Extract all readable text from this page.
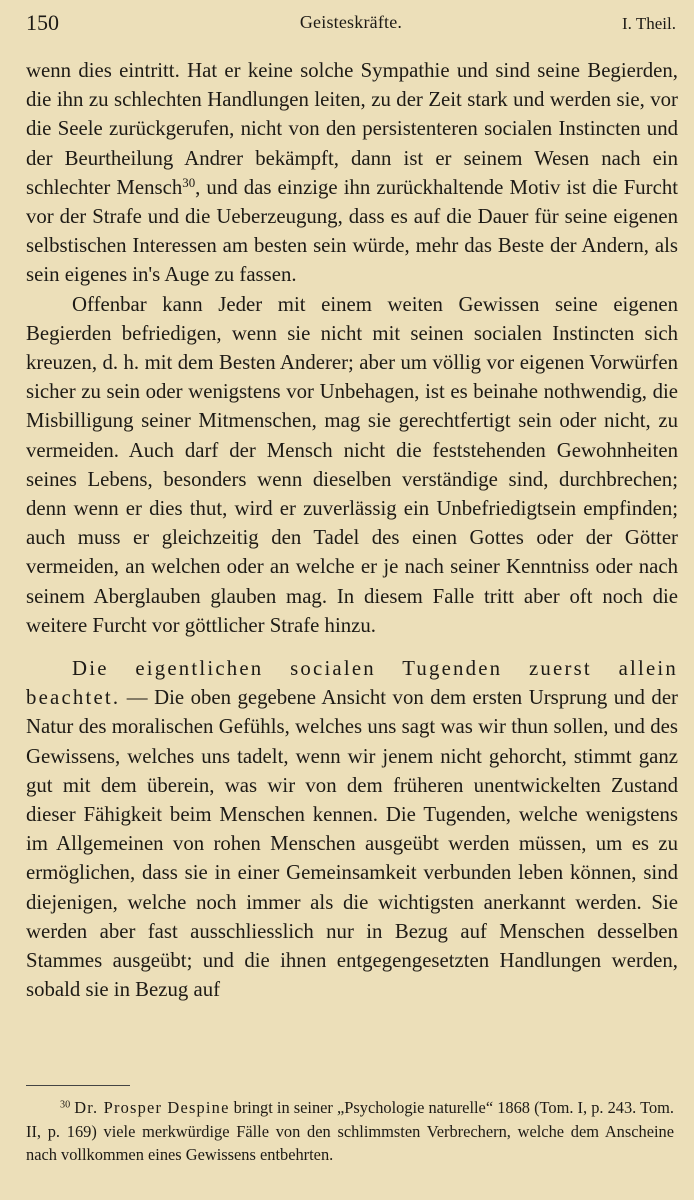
150	Geisteskräfte.	I. Theil.

wenn dies eintritt. Hat er keine solche Sympathie und sind seine Begierden, die ihn zu schlechten Handlungen leiten, zu der Zeit stark und werden sie, vor die Seele zurückgerufen, nicht von den persistenteren socialen Instincten und der Beurtheilung Andrer bekämpft, dann ist er seinem Wesen nach ein schlechter Mensch$^{30}$, und das einzige ihn zurückhaltende Motiv ist die Furcht vor der Strafe und die Ueberzeugung, dass es auf die Dauer für seine eigenen selbstischen Interessen am besten sein würde, mehr das Beste der Andern, als sein eigenes in's Auge zu fassen.

Offenbar kann Jeder mit einem weiten Gewissen seine eigenen Begierden befriedigen, wenn sie nicht mit seinen socialen Instincten sich kreuzen, d. h. mit dem Besten Anderer; aber um völlig vor eigenen Vorwürfen sicher zu sein oder wenigstens vor Unbehagen, ist es beinahe nothwendig, die Misbilligung seiner Mitmenschen, mag sie gerechtfertigt sein oder nicht, zu vermeiden. Auch darf der Mensch nicht die feststehenden Gewohnheiten seines Lebens, besonders wenn dieselben verständige sind, durchbrechen; denn wenn er dies thut, wird er zuverlässig ein Unbefriedigtsein empfinden; auch muss er gleichzeitig den Tadel des einen Gottes oder der Götter vermeiden, an welchen oder an welche er je nach seiner Kenntniss oder nach seinem Aberglauben glauben mag. In diesem Falle tritt aber oft noch die weitere Furcht vor göttlicher Strafe hinzu.

Die eigentlichen socialen Tugenden zuerst allein beachtet. — Die oben gegebene Ansicht von dem ersten Ursprung und der Natur des moralischen Gefühls, welches uns sagt was wir thun sollen, und des Gewissens, welches uns tadelt, wenn wir jenem nicht gehorcht, stimmt ganz gut mit dem überein, was wir von dem früheren unentwickelten Zustand dieser Fähigkeit beim Menschen kennen. Die Tugenden, welche wenigstens im Allgemeinen von rohen Menschen ausgeübt werden müssen, um es zu ermöglichen, dass sie in einer Gemeinsamkeit verbunden leben können, sind diejenigen, welche noch immer als die wichtigsten anerkannt werden. Sie werden aber fast ausschliesslich nur in Bezug auf Menschen desselben Stammes ausgeübt; und die ihnen entgegengesetzten Handlungen werden, sobald sie in Bezug auf

$^{30}$ Dr. Prosper Despine bringt in seiner „Psychologie naturelle“ 1868 (Tom. I, p. 243. Tom. II, p. 169) viele merkwürdige Fälle von den schlimmsten Verbrechern, welche dem Anscheine nach vollkommen eines Gewissens entbehrten.
